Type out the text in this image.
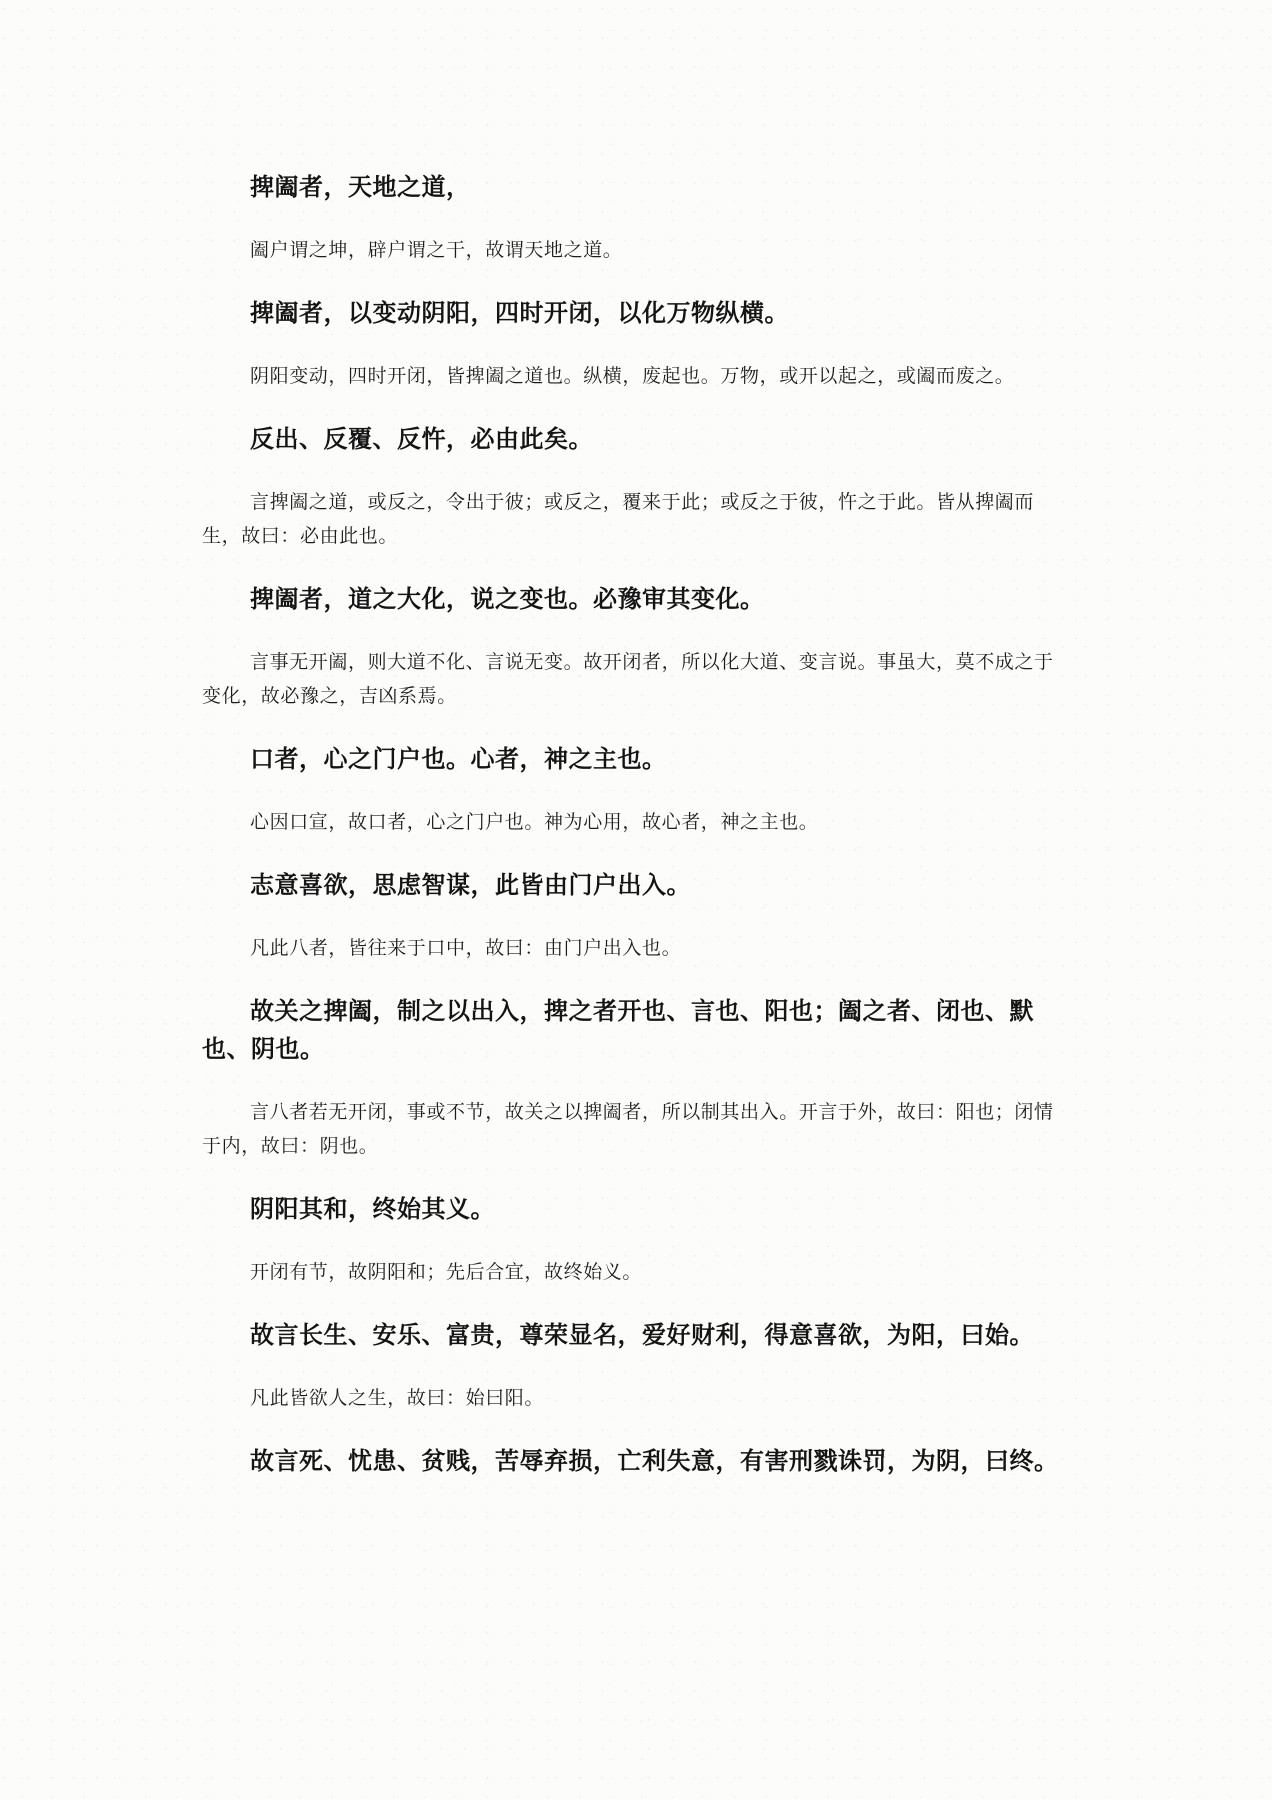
捭阖者，天地之道，

阖户谓之坤，辟户谓之干，故谓天地之道。

捭阖者，以变动阴阳，四时开闭，以化万物纵横。

阴阳变动，四时开闭，皆捭阖之道也。纵横，废起也。万物，或开以起之，或阖而废之。

反出、反覆、反忤，必由此矣。

言捭阖之道，或反之，令出于彼；或反之，覆来于此；或反之于彼，忤之于此。皆从捭阖而生，故曰：必由此也。

捭阖者，道之大化，说之变也。必豫审其变化。

言事无开阖，则大道不化、言说无变。故开闭者，所以化大道、变言说。事虽大，莫不成之于变化，故必豫之，吉凶系焉。

口者，心之门户也。心者，神之主也。

心因口宣，故口者，心之门户也。神为心用，故心者，神之主也。

志意喜欲，思虑智谋，此皆由门户出入。

凡此八者，皆往来于口中，故曰：由门户出入也。

故关之捭阖，制之以出入，捭之者开也、言也、阳也；阖之者、闭也、默也、阴也。

言八者若无开闭，事或不节，故关之以捭阖者，所以制其出入。开言于外，故曰：阳也；闭情于内，故曰：阴也。

阴阳其和，终始其义。

开闭有节，故阴阳和；先后合宜，故终始义。

故言长生、安乐、富贵，尊荣显名，爱好财利，得意喜欲，为阳，曰始。

凡此皆欲人之生，故曰：始曰阳。

故言死、忧患、贫贱，苦辱弃损，亡利失意，有害刑戮诛罚，为阴，曰终。
